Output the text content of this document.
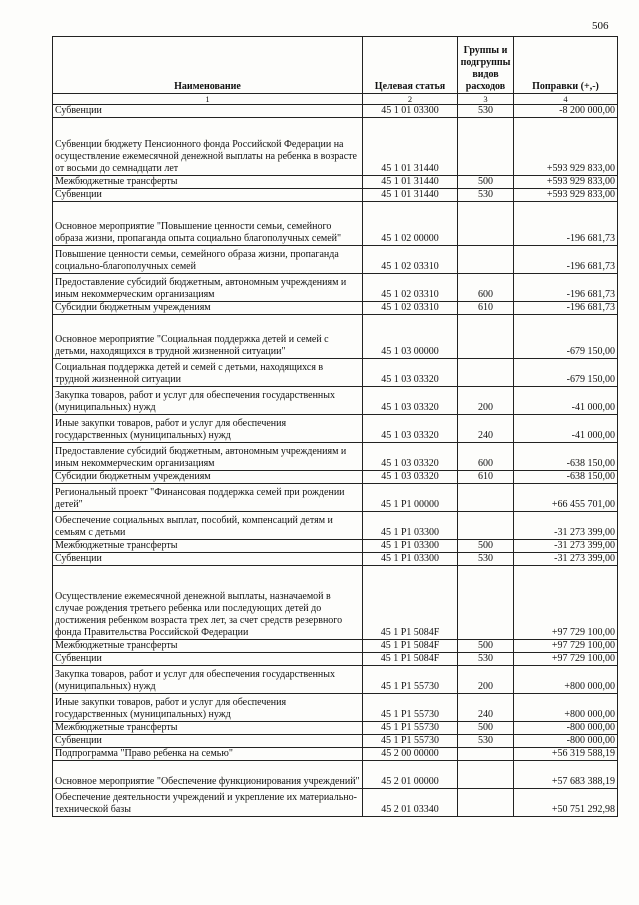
506
Наименование	Целевая статья	Группы и подгруппы видов расходов	Поправки (+,-)
1	2	3	4
Субвенции	45 1 01 03300	530	-8 200 000,00
Субвенции бюджету Пенсионного фонда Российской Федерации на осуществление ежемесячной денежной выплаты на ребенка в возрасте от восьми до семнадцати лет	45 1 01 31440		+593 929 833,00
Межбюджетные трансферты	45 1 01 31440	500	+593 929 833,00
Субвенции	45 1 01 31440	530	+593 929 833,00
Основное мероприятие "Повышение ценности семьи, семейного образа жизни, пропаганда опыта социально благополучных семей"	45 1 02 00000		-196 681,73
Повышение ценности семьи, семейного образа жизни, пропаганда социально-благополучных семей	45 1 02 03310		-196 681,73
Предоставление субсидий бюджетным, автономным учреждениям и иным некоммерческим организациям	45 1 02 03310	600	-196 681,73
Субсидии бюджетным учреждениям	45 1 02 03310	610	-196 681,73
Основное мероприятие "Социальная поддержка детей и семей с детьми, находящихся в трудной жизненной ситуации"	45 1 03 00000		-679 150,00
Социальная поддержка детей и семей с детьми, находящихся в трудной жизненной ситуации	45 1 03 03320		-679 150,00
Закупка товаров, работ и услуг для обеспечения государственных (муниципальных) нужд	45 1 03 03320	200	-41 000,00
Иные закупки товаров, работ и услуг для обеспечения государственных (муниципальных) нужд	45 1 03 03320	240	-41 000,00
Предоставление субсидий бюджетным, автономным учреждениям и иным некоммерческим организациям	45 1 03 03320	600	-638 150,00
Субсидии бюджетным учреждениям	45 1 03 03320	610	-638 150,00
Региональный проект "Финансовая поддержка семей при рождении детей"	45 1 P1 00000		+66 455 701,00
Обеспечение социальных выплат, пособий, компенсаций детям и семьям с детьми	45 1 P1 03300		-31 273 399,00
Межбюджетные трансферты	45 1 P1 03300	500	-31 273 399,00
Субвенции	45 1 P1 03300	530	-31 273 399,00
Осуществление ежемесячной денежной выплаты, назначаемой в случае рождения третьего ребенка или последующих детей до достижения ребенком возраста трех лет, за счет средств резервного фонда Правительства Российской Федерации	45 1 P1 5084F		+97 729 100,00
Межбюджетные трансферты	45 1 P1 5084F	500	+97 729 100,00
Субвенции	45 1 P1 5084F	530	+97 729 100,00
Закупка товаров, работ и услуг для обеспечения государственных (муниципальных) нужд	45 1 P1 55730	200	+800 000,00
Иные закупки товаров, работ и услуг для обеспечения государственных (муниципальных) нужд	45 1 P1 55730	240	+800 000,00
Межбюджетные трансферты	45 1 P1 55730	500	-800 000,00
Субвенции	45 1 P1 55730	530	-800 000,00
Подпрограмма "Право ребенка на семью"	45 2 00 00000		+56 319 588,19
Основное мероприятие "Обеспечение функционирования учреждений"	45 2 01 00000		+57 683 388,19
Обеспечение деятельности учреждений и укрепление их материально-технической базы	45 2 01 03340		+50 751 292,98
